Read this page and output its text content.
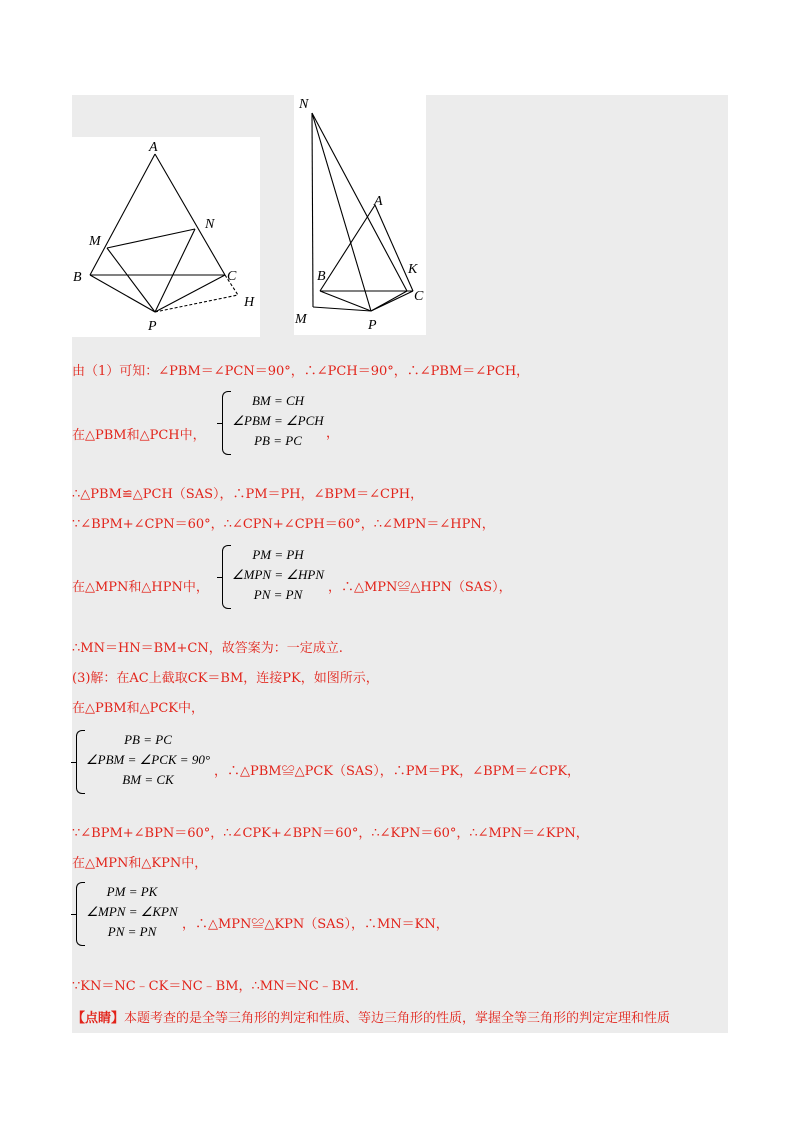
A
N
M
B	C
H
P
N
A
K
B
C
M	P
由（1）可知：∠PBM＝∠PCN＝90°，∴∠PCH＝90°，∴∠PBM＝∠PCH，
在△PBM和△PCH中，
BM = CH
∠PBM = ∠PCH
PB = PC	，
∴△PBM≌△PCH（SAS），∴PM＝PH，∠BPM＝∠CPH，
∵∠BPM+∠CPN＝60°，∴∠CPN+∠CPH＝60°，∴∠MPN＝∠HPN，
在△MPN和△HPN中，
PM = PH
∠MPN = ∠HPN
PN = PN	，∴△MPN≌△HPN（SAS），
∴MN＝HN＝BM+CN，故答案为：一定成立.
(3)解：在AC上截取CK＝BM，连接PK，如图所示，
在△PBM和△PCK中，
PB = PC
∠PBM = ∠PCK = 90°
BM = CK
，∴△PBM≌△PCK（SAS），∴PM＝PK，∠BPM＝∠CPK，
∵∠BPM+∠BPN＝60°，∴∠CPK+∠BPN＝60°，∴∠KPN＝60°，∴∠MPN＝∠KPN，
在△MPN和△KPN中，
PM = PK
∠MPN = ∠KPN
PN = PN	，∴△MPN≌△KPN（SAS），∴MN＝KN，
∵KN＝NC﹣CK＝NC﹣BM，∴MN＝NC﹣BM.
【点睛】本题考查的是全等三角形的判定和性质、等边三角形的性质，掌握全等三角形的判定定理和性质
